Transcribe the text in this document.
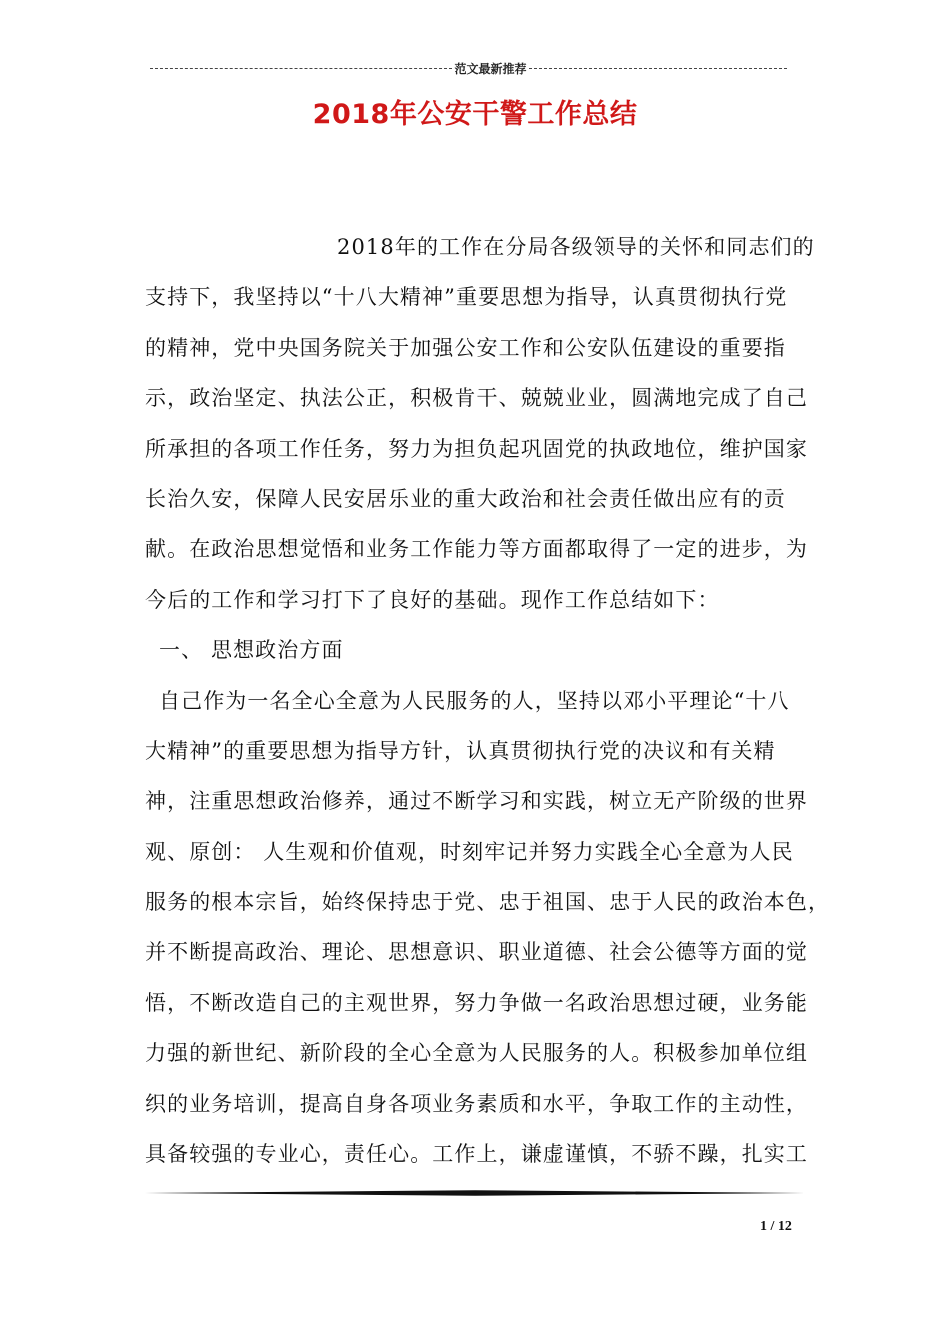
范文最新推荐
2018年公安干警工作总结
2018年的工作在分局各级领导的关怀和同志们的
支持下，我坚持以“十八大精神”重要思想为指导，认真贯彻执行党
的精神，党中央国务院关于加强公安工作和公安队伍建设的重要指
示，政治坚定、执法公正，积极肯干、兢兢业业，圆满地完成了自己
所承担的各项工作任务，努力为担负起巩固党的执政地位，维护国家
长治久安，保障人民安居乐业的重大政治和社会责任做出应有的贡
献。在政治思想觉悟和业务工作能力等方面都取得了一定的进步，为
今后的工作和学习打下了良好的基础。现作工作总结如下：
一、 思想政治方面
自己作为一名全心全意为人民服务的人，坚持以邓小平理论“十八
大精神”的重要思想为指导方针，认真贯彻执行党的决议和有关精
神，注重思想政治修养，通过不断学习和实践，树立无产阶级的世界
观、原创： 人生观和价值观，时刻牢记并努力实践全心全意为人民
服务的根本宗旨，始终保持忠于党、忠于祖国、忠于人民的政治本色，
并不断提高政治、理论、思想意识、职业道德、社会公德等方面的觉
悟，不断改造自己的主观世界，努力争做一名政治思想过硬，业务能
力强的新世纪、新阶段的全心全意为人民服务的人。积极参加单位组
织的业务培训，提高自身各项业务素质和水平，争取工作的主动性，
具备较强的专业心，责任心。工作上，谦虚谨慎，不骄不躁，扎实工
1 / 12
